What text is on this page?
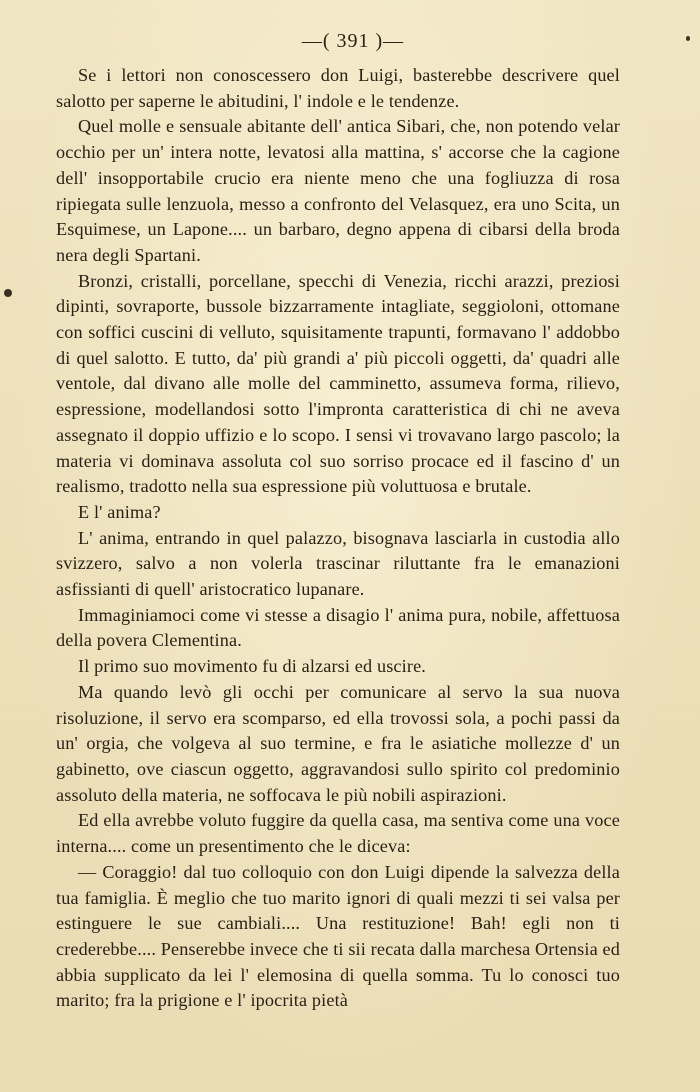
—( 391 )—

Se i lettori non conoscessero don Luigi, basterebbe descrivere quel salotto per saperne le abitudini, l' indole e le tendenze.

Quel molle e sensuale abitante dell' antica Sibari, che, non potendo velar occhio per un' intera notte, levatosi alla mattina, s' accorse che la cagione dell' insopportabile crucio era niente meno che una fogliuzza di rosa ripiegata sulle lenzuola, messo a confronto del Velasquez, era uno Scita, un Esquimese, un Lapone.... un barbaro, degno appena di cibarsi della broda nera degli Spartani.

Bronzi, cristalli, porcellane, specchi di Venezia, ricchi arazzi, preziosi dipinti, sovraporte, bussole bizzarramente intagliate, seggioloni, ottomane con soffici cuscini di velluto, squisitamente trapunti, formavano l' addobbo di quel salotto. E tutto, da' più grandi a' più piccoli oggetti, da' quadri alle ventole, dal divano alle molle del camminetto, assumeva forma, rilievo, espressione, modellandosi sotto l'impronta caratteristica di chi ne aveva assegnato il doppio uffizio e lo scopo. I sensi vi trovavano largo pascolo; la materia vi dominava assoluta col suo sorriso procace ed il fascino d' un realismo, tradotto nella sua espressione più voluttuosa e brutale.

E l' anima?

L' anima, entrando in quel palazzo, bisognava lasciarla in custodia allo svizzero, salvo a non volerla trascinar riluttante fra le emanazioni asfissianti di quell' aristocratico lupanare.

Immaginiamoci come vi stesse a disagio l' anima pura, nobile, affettuosa della povera Clementina.

Il primo suo movimento fu di alzarsi ed uscire.

Ma quando levò gli occhi per comunicare al servo la sua nuova risoluzione, il servo era scomparso, ed ella trovossi sola, a pochi passi da un' orgia, che volgeva al suo termine, e fra le asiatiche mollezze d' un gabinetto, ove ciascun oggetto, aggravandosi sullo spirito col predominio assoluto della materia, ne soffocava le più nobili aspirazioni.

Ed ella avrebbe voluto fuggire da quella casa, ma sentiva come una voce interna.... come un presentimento che le diceva:

— Coraggio! dal tuo colloquio con don Luigi dipende la salvezza della tua famiglia. È meglio che tuo marito ignori di quali mezzi ti sei valsa per estinguere le sue cambiali.... Una restituzione! Bah! egli non ti crederebbe.... Penserebbe invece che ti sii recata dalla marchesa Ortensia ed abbia supplicato da lei l' elemosina di quella somma. Tu lo conosci tuo marito; fra la prigione e l' ipocrita pietà
